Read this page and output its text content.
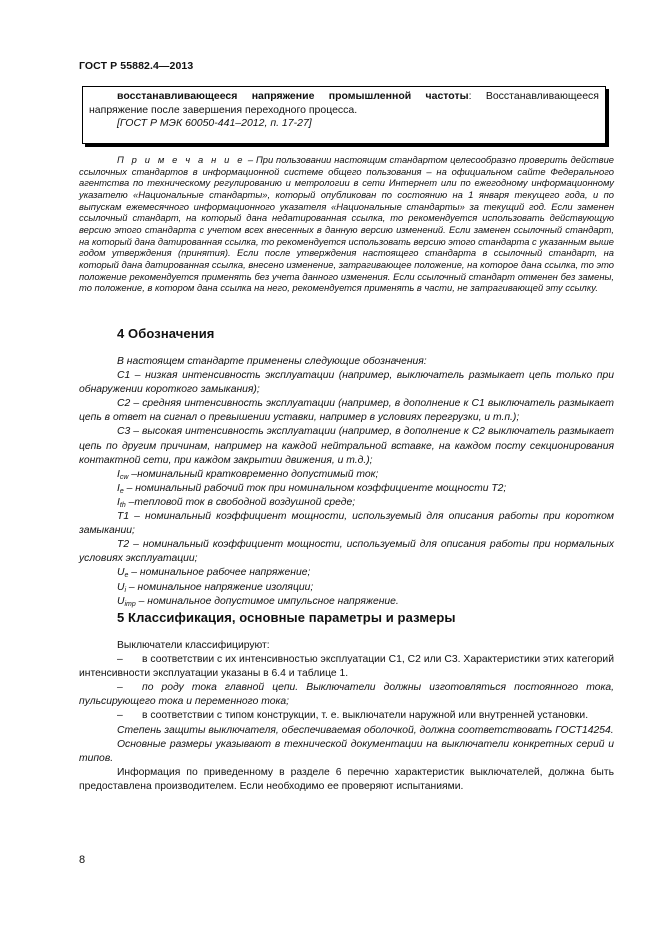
ГОСТ Р 55882.4—2013

восстанавливающееся напряжение промышленной частоты: Восстанавливающееся напряжение после завершения переходного процесса.

[ГОСТ Р МЭК 60050-441–2012, п. 17-27]

П р и м е ч а н и е – При пользовании настоящим стандартом целесообразно проверить действие ссылочных стандартов в информационной системе общего пользования – на официальном сайте Федерального агентства по техническому регулированию и метрологии в сети Интернет или по ежегодному информационному указателю «Национальные стандарты», который опубликован по состоянию на 1 января текущего года, и по выпускам ежемесячного информационного указателя «Национальные стандарты» за текущий год. Если заменен ссылочный стандарт, на который дана недатированная ссылка, то рекомендуется использовать действующую версию этого стандарта с учетом всех внесенных в данную версию изменений. Если заменен ссылочный стандарт, на который дана датированная ссылка, то рекомендуется использовать версию этого стандарта с указанным выше годом утверждения (принятия). Если после утверждения настоящего стандарта в ссылочный стандарт, на который дана датированная ссылка, внесено изменение, затрагивающее положение, на которое дана ссылка, то это положение рекомендуется применять без учета данного изменения. Если ссылочный стандарт отменен без замены, то положение, в котором дана ссылка на него, рекомендуется применять в части, не затрагивающей эту ссылку.
4 Обозначения

В настоящем стандарте применены следующие обозначения:

С1 – низкая интенсивность эксплуатации (например, выключатель размыкает цепь только при обнаружении короткого замыкания);

С2 – средняя интенсивность эксплуатации (например, в дополнение к С1 выключатель размыкает цепь в ответ на сигнал о превышении уставки, например в условиях перегрузки, и т.п.);

С3 – высокая интенсивность эксплуатации (например, в дополнение к С2 выключатель размыкает цепь по другим причинам, например на каждой нейтральной вставке, на каждом посту секционирования контактной сети, при каждом закрытии движения, и т.д.);

$I_{cw}$ –номинальный кратковременно допустимый ток;

$I_e$ – номинальный рабочий ток при номинальном коэффициенте мощности Т2;

$I_{th}$ –тепловой ток в свободной воздушной среде;

Т1 – номинальный коэффициент мощности, используемый для описания работы при коротком замыкании;

Т2 – номинальный коэффициент мощности, используемый для описания работы при нормальных условиях эксплуатации;

$U_e$ – номинальное рабочее напряжение;

$U_i$ – номинальное напряжение изоляции;

$U_{imp}$ – номинальное допустимое импульсное напряжение.

5 Классификация, основные параметры и размеры

Выключатели классифицируют:

– в соответствии с их интенсивностью эксплуатации С1, С2 или С3. Характеристики этих категорий интенсивности эксплуатации указаны в 6.4 и таблице 1.

– по роду тока главной цепи. Выключатели должны изготовляться постоянного тока, пульсирующего тока и переменного тока;

– в соответствии с типом конструкции, т. е. выключатели наружной или внутренней установки.

Степень защиты выключателя, обеспечиваемая оболочкой, должна соответствовать ГОСТ14254.

Основные размеры указывают в технической документации на выключатели конкретных серий и типов.

Информация по приведенному в разделе 6 перечню характеристик выключателей, должна быть предоставлена производителем. Если необходимо ее проверяют испытаниями.

8
